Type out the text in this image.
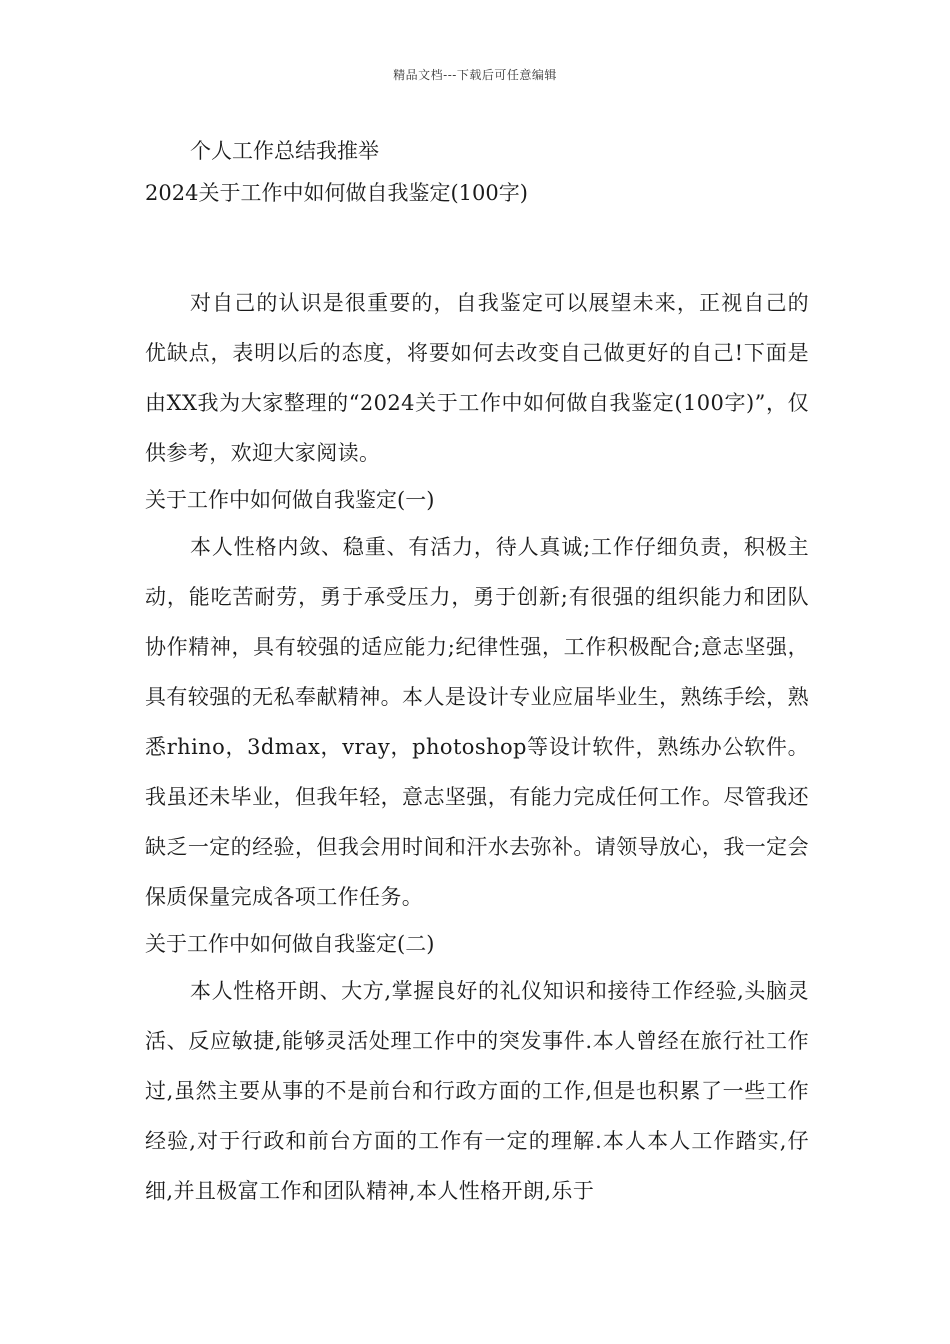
精品文档---下载后可任意编辑
个人工作总结我推举
2024关于工作中如何做自我鉴定(100字)
对自己的认识是很重要的，自我鉴定可以展望未来，正视自己的优缺点，表明以后的态度，将要如何去改变自己做更好的自己!下面是由XX我为大家整理的“2024关于工作中如何做自我鉴定(100字)”，仅供参考，欢迎大家阅读。
关于工作中如何做自我鉴定(一)
本人性格内敛、稳重、有活力，待人真诚;工作仔细负责，积极主动，能吃苦耐劳，勇于承受压力，勇于创新;有很强的组织能力和团队协作精神，具有较强的适应能力;纪律性强，工作积极配合;意志坚强，具有较强的无私奉献精神。本人是设计专业应届毕业生，熟练手绘，熟悉rhino，3dmax，vray，photoshop等设计软件，熟练办公软件。我虽还未毕业，但我年轻，意志坚强，有能力完成任何工作。尽管我还缺乏一定的经验，但我会用时间和汗水去弥补。请领导放心，我一定会保质保量完成各项工作任务。
关于工作中如何做自我鉴定(二)
本人性格开朗、大方,掌握良好的礼仪知识和接待工作经验,头脑灵活、反应敏捷,能够灵活处理工作中的突发事件.本人曾经在旅行社工作过,虽然主要从事的不是前台和行政方面的工作,但是也积累了一些工作经验,对于行政和前台方面的工作有一定的理解.本人本人工作踏实,仔细,并且极富工作和团队精神,本人性格开朗,乐于
